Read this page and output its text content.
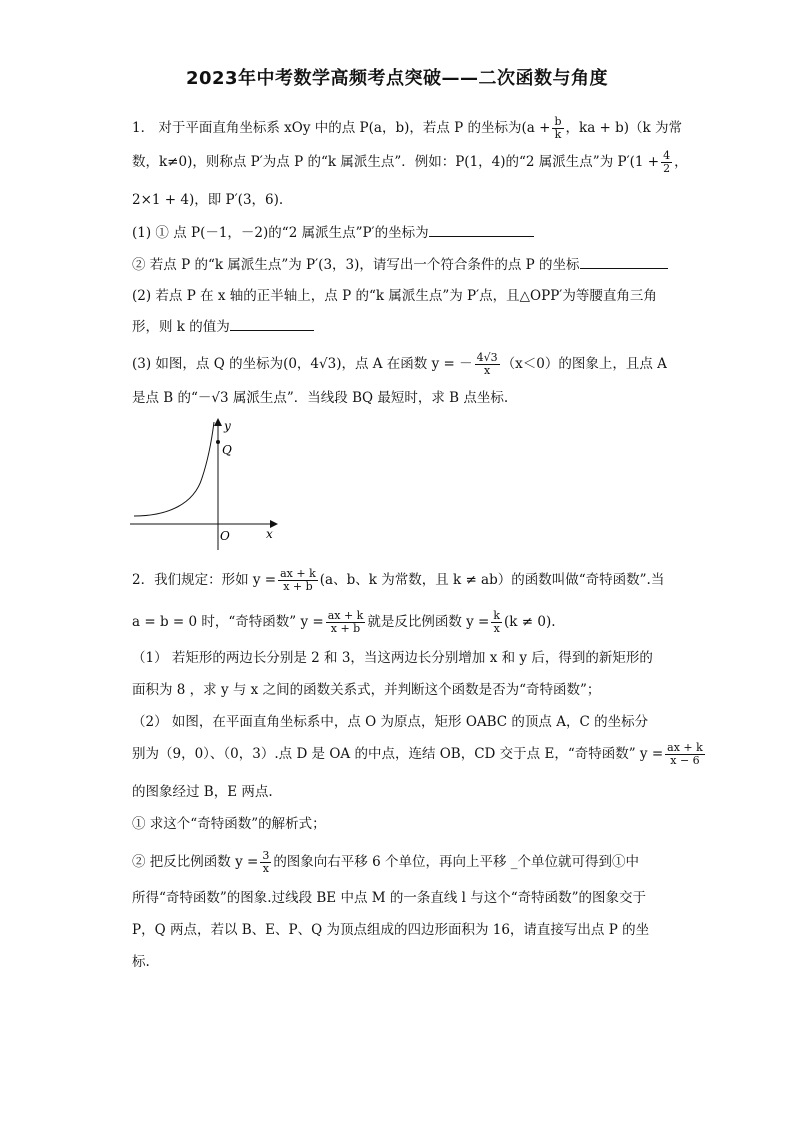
2023年中考数学高频考点突破——二次函数与角度
1． 对于平面直角坐标系 xOy 中的点 P(a，b)，若点 P 的坐标为($a + \frac{b}{k}$ ，ka + b)（k 为常
数，k≠0)，则称点 P′为点 P 的“k 属派生点”．例如：P(1，4)的“2 属派生点”为 $P'(1 + \frac{4}{2}$ ，
2×1 + 4)，即 P′(3，6).
(1) ① 点 P(－1，－2)的“2 属派生点”P′的坐标为
② 若点 P 的“k 属派生点”为 P′(3，3)，请写出一个符合条件的点 P 的坐标
(2) 若点 P 在 x 轴的正半轴上，点 P 的“k 属派生点”为 P′点，且△OPP′为等腰直角三角
形，则 k 的值为
(3) 如图，点 Q 的坐标为(0，4√3)，点 A 在函数 y = － $\frac{4√3}{x} (x<0)$的图象上，且点 A
是点 B 的“－√3 属派生点”．当线段 BQ 最短时，求 B 点坐标.
y
x
Q
O
2．我们规定：形如 $y = \frac{ax + k}{x + b} (a$、b、k 为常数，且 k ≠ ab）的函数叫做“奇特函数”.当
a = b = 0 时，“奇特函数” $y = \frac{ax + k}{x + b}$ 就是反比例函数 $y = \frac{k}{x} (k \ne 0)$.
（1） 若矩形的两边长分别是 2 和 3，当这两边长分别增加 x 和 y 后，得到的新矩形的
面积为 8 ，求 y 与 x 之间的函数关系式，并判断这个函数是否为“奇特函数”；
（2） 如图，在平面直角坐标系中，点 O 为原点，矩形 OABC 的顶点 A，C 的坐标分
别为（9，0）、（0，3）.点 D 是 OA 的中点，连结 OB，CD 交于点 E，“奇特函数” $y = \frac{ax + k}{x - 6}$
的图象经过 B，E 两点.
① 求这个“奇特函数”的解析式；
② 把反比例函数 $y = \frac{3}{x}$ 的图象向右平移 6 个单位，再向上平移 _个单位就可得到①中
所得“奇特函数”的图象.过线段 BE 中点 M 的一条直线 l 与这个“奇特函数”的图象交于
P，Q 两点，若以 B、E、P、Q 为顶点组成的四边形面积为 16，请直接写出点 P 的坐
标.
